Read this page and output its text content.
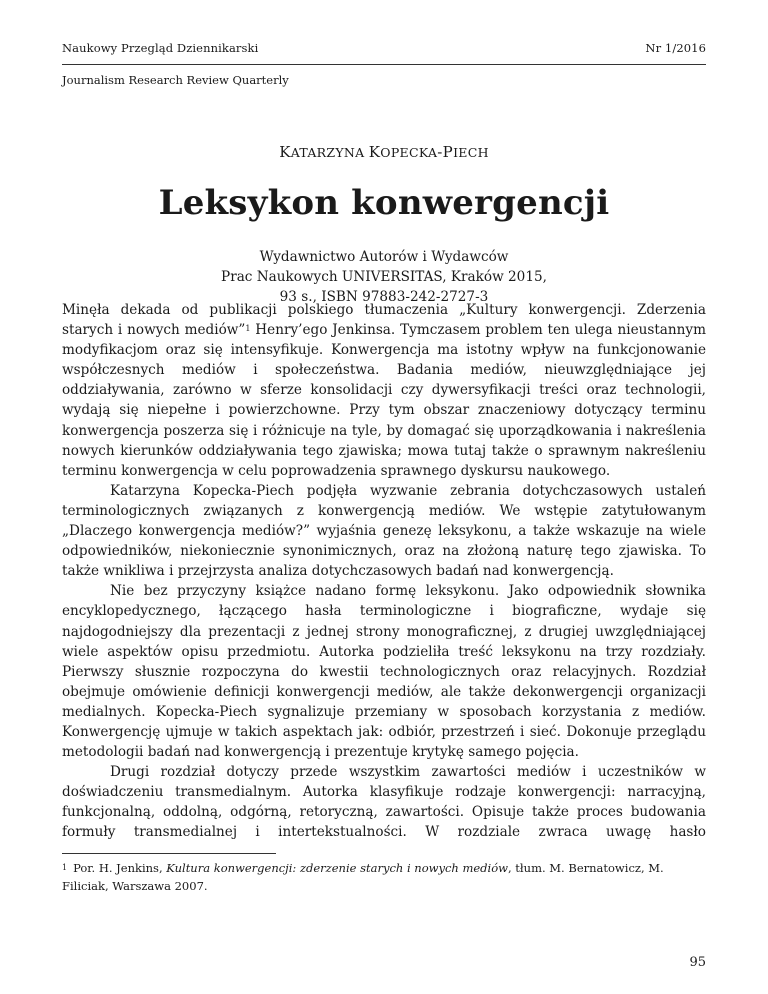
Naukowy Przegląd Dziennikarski	Nr 1/2016
Journalism Research Review Quarterly
KATARZYNA KOPECKA-PIECH
Leksykon konwergencji
Wydawnictwo Autorów i Wydawców
Prac Naukowych UNIVERSITAS, Kraków 2015,
93 s., ISBN 97883-242-2727-3

Minęła dekada od publikacji polskiego tłumaczenia „Kultury konwergencji. Zderzenia starych i nowych mediów”$^1$ Henry’ego Jenkinsa. Tymczasem problem ten ulega nieustannym modyfikacjom oraz się intensyfikuje. Konwergencja ma istotny wpływ na funkcjonowanie współczesnych mediów i społeczeństwa. Badania mediów, nieuwzględniające jej oddziaływania, zarówno w sferze konsolidacji czy dywersyfikacji treści oraz technologii, wydają się niepełne i powierzchowne. Przy tym obszar znaczeniowy dotyczący terminu konwergencja poszerza się i różnicuje na tyle, by domagać się uporządkowania i nakreślenia nowych kierunków oddziaływania tego zjawiska; mowa tutaj także o sprawnym nakreśleniu terminu konwergencja w celu poprowadzenia sprawnego dyskursu naukowego.

Katarzyna Kopecka-Piech podjęła wyzwanie zebrania dotychczasowych ustaleń terminologicznych związanych z konwergencją mediów. We wstępie zatytułowanym „Dlaczego konwergencja mediów?” wyjaśnia genezę leksykonu, a także wskazuje na wiele odpowiedników, niekoniecznie synonimicznych, oraz na złożoną naturę tego zjawiska. To także wnikliwa i przejrzysta analiza dotychczasowych badań nad konwergencją.

Nie bez przyczyny książce nadano formę leksykonu. Jako odpowiednik słownika encyklopedycznego, łączącego hasła terminologiczne i biograficzne, wydaje się najdogodniejszy dla prezentacji z jednej strony monograficznej, z drugiej uwzględniającej wiele aspektów opisu przedmiotu. Autorka podzieliła treść leksykonu na trzy rozdziały. Pierwszy słusznie rozpoczyna do kwestii technologicznych oraz relacyjnych. Rozdział obejmuje omówienie definicji konwergencji mediów, ale także dekonwergencji organizacji medialnych. Kopecka-Piech sygnalizuje przemiany w sposobach korzystania z mediów. Konwergencję ujmuje w takich aspektach jak: odbiór, przestrzeń i sieć. Dokonuje przeglądu metodologii badań nad konwergencją i prezentuje krytykę samego pojęcia.

Drugi rozdział dotyczy przede wszystkim zawartości mediów i uczestników w doświadczeniu transmedialnym. Autorka klasyfikuje rodzaje konwergencji: narracyjną, funkcjonalną, oddolną, odgórną, retoryczną, zawartości. Opisuje także proces budowania formuły transmedialnej i intertekstualności. W rozdziale zwraca uwagę hasło

$^1$ Por. H. Jenkins, Kultura konwergencji: zderzenie starych i nowych mediów, tłum. M. Bernatowicz, M. Filiciak, Warszawa 2007.
95
